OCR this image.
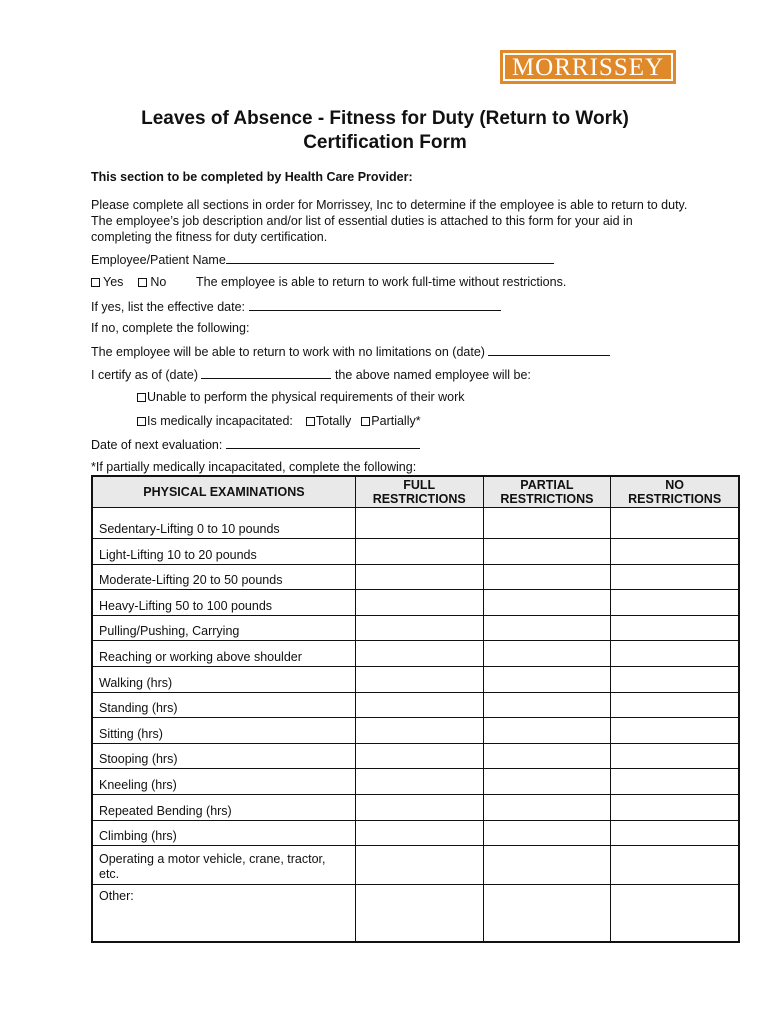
MORRISSEY
Leaves of Absence - Fitness for Duty (Return to Work)
Certification Form
This section to be completed by Health Care Provider:
Please complete all sections in order for Morrissey, Inc to determine if the employee is able to return to duty. The employee’s job description and/or list of essential duties is attached to this form for your aid in completing the fitness for duty certification.
Employee/Patient Name
Yes No The employee is able to return to work full-time without restrictions.
If yes, list the effective date:
If no, complete the following:
The employee will be able to return to work with no limitations on (date)
I certify as of (date)	the above named employee will be:
Unable to perform the physical requirements of their work
Is medically incapacitated: Totally Partially*
Date of next evaluation:
*If partially medically incapacitated, complete the following:
PHYSICAL EXAMINATIONS	FULL RESTRICTIONS	PARTIAL RESTRICTIONS	NO RESTRICTIONS
Sedentary-Lifting 0 to 10 pounds			
Light-Lifting 10 to 20 pounds			
Moderate-Lifting 20 to 50 pounds			
Heavy-Lifting 50 to 100 pounds			
Pulling/Pushing, Carrying			
Reaching or working above shoulder			
Walking (hrs)			
Standing (hrs)			
Sitting (hrs)			
Stooping (hrs)			
Kneeling (hrs)			
Repeated Bending (hrs)			
Climbing (hrs)			
Operating a motor vehicle, crane, tractor, etc.			
Other:			
